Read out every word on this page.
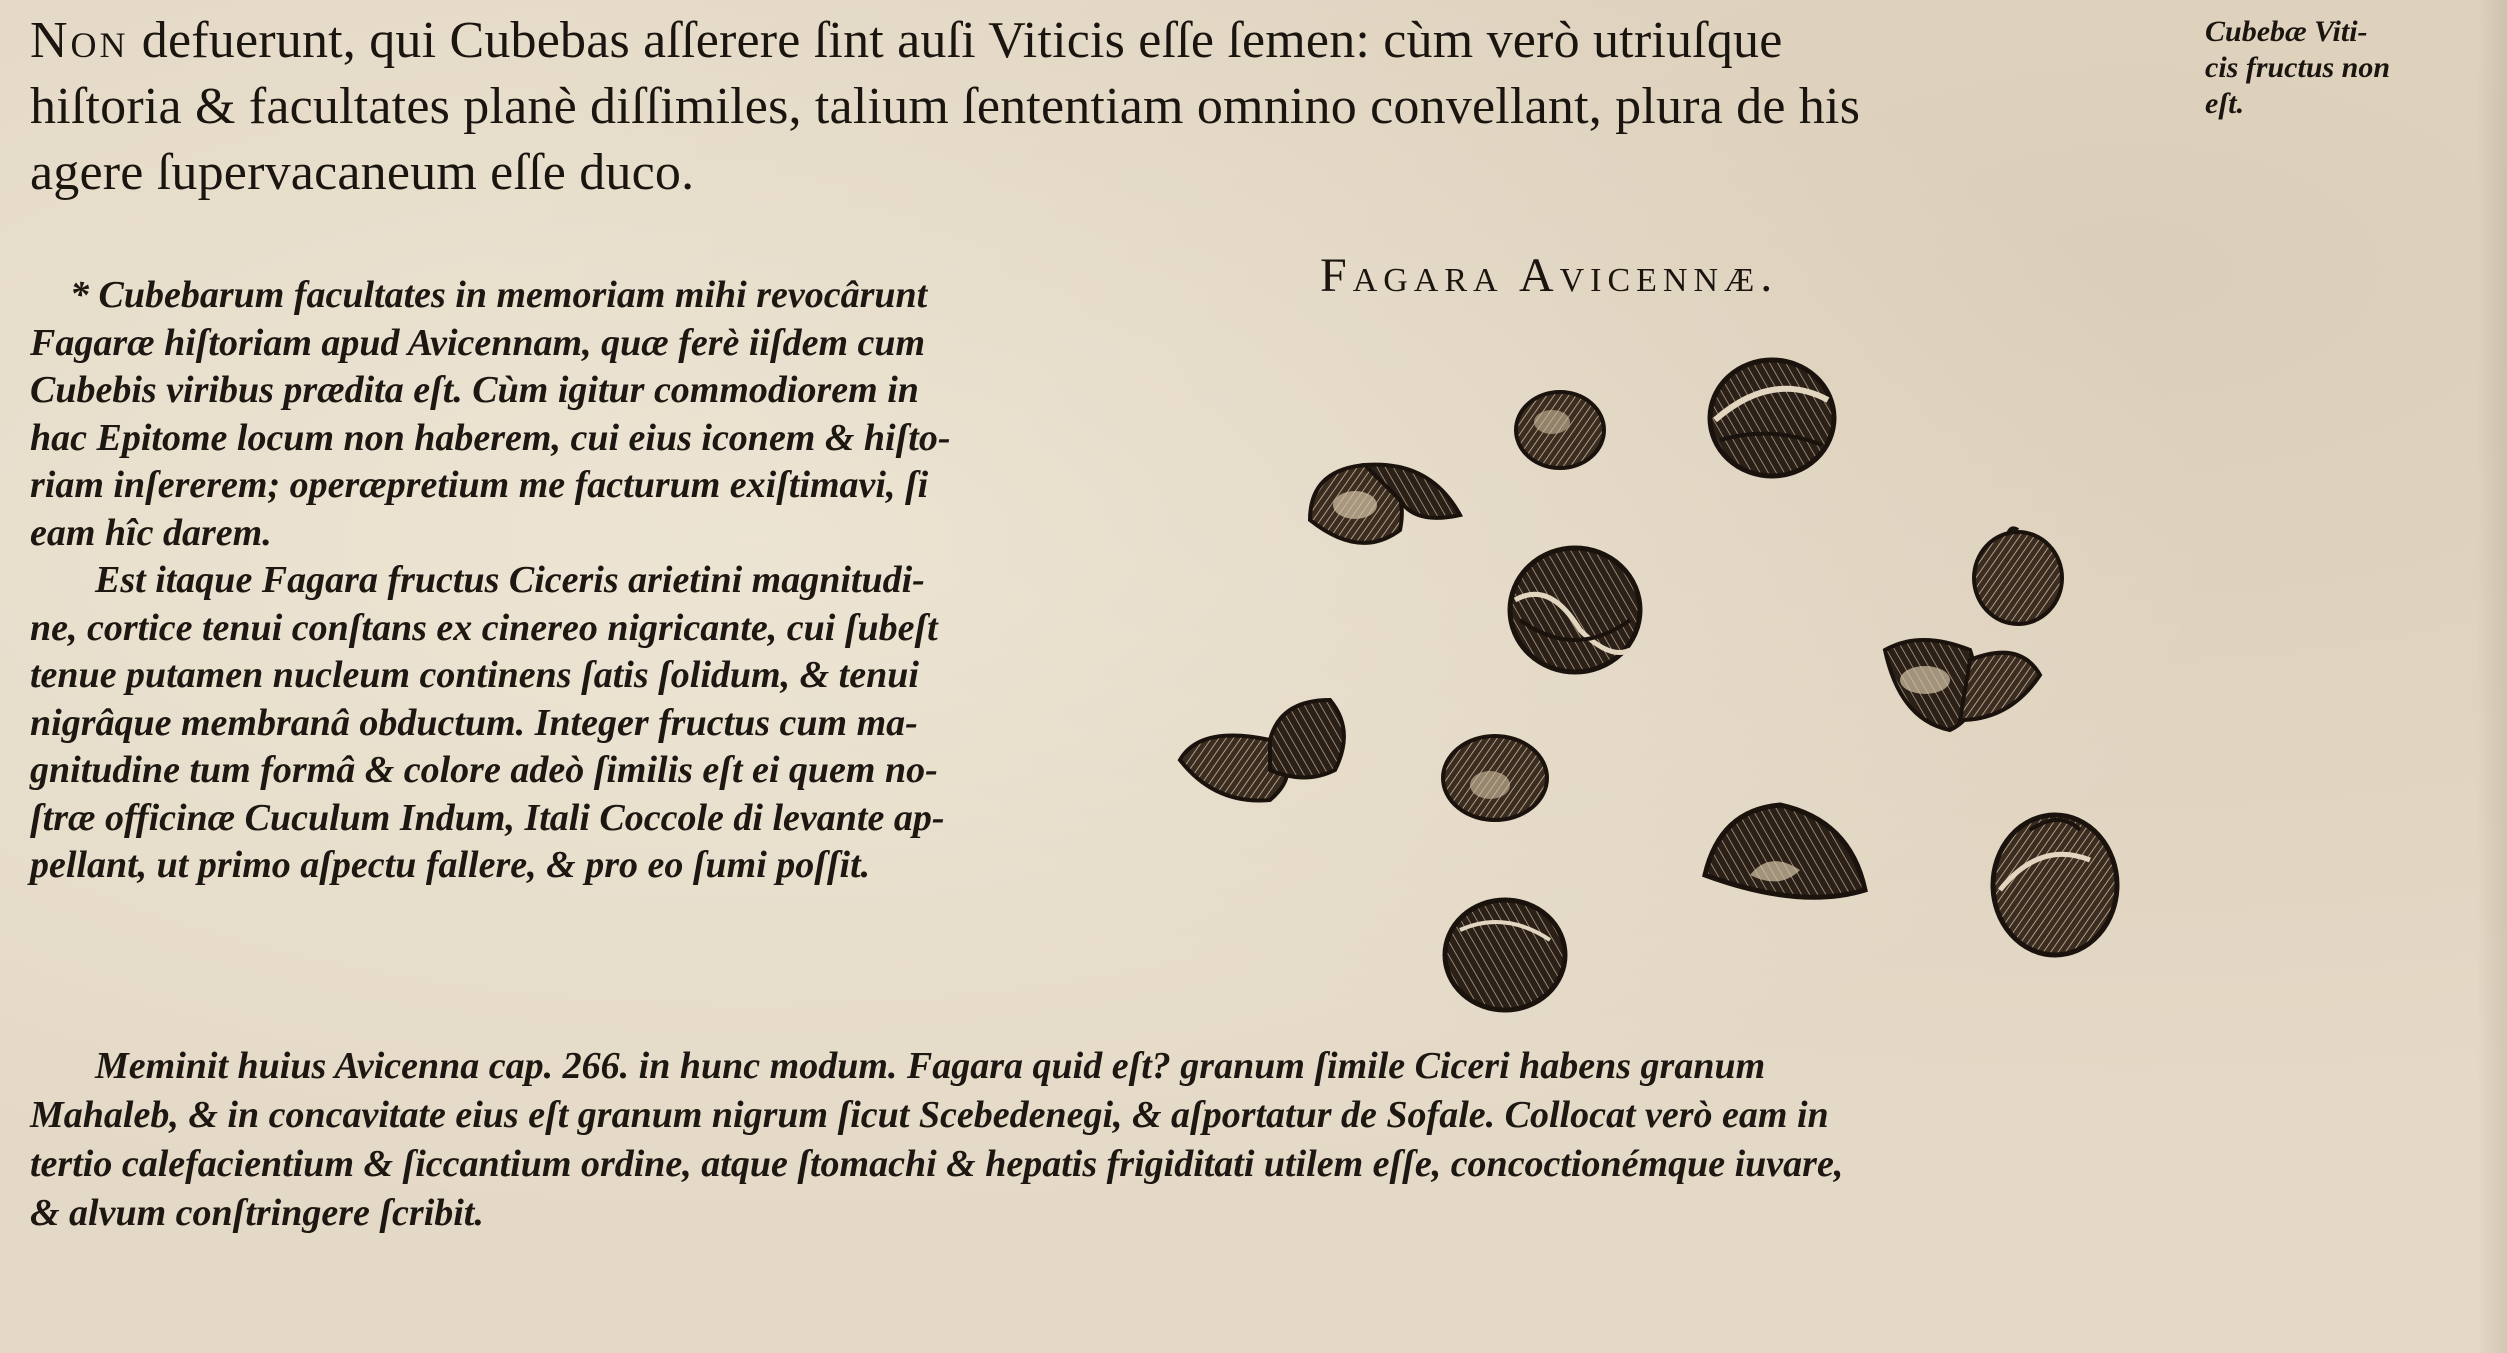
Non defuerunt, qui Cubebas aſſerere ſint auſi Viticis eſſe ſemen: cùm verò utriuſque
hiſtoria & facultates planè diſſimiles, talium ſententiam omnino convellant, plura de his
agere ſupervacaneum eſſe duco.
Cubebæ Viti-
cis fructus non
eſt.
Fagara Avicennæ.
* Cubebarum facultates in memoriam mihi revocârunt
Fagaræ hiſtoriam apud Avicennam, quæ ferè iiſdem cum
Cubebis viribus prædita eſt. Cùm igitur commodiorem in
hac Epitome locum non haberem, cui eius iconem & hiſto-
riam inſererem; operæpretium me facturum exiſtimavi, ſi
eam hîc darem.
Est itaque Fagara fructus Ciceris arietini magnitudi-
ne, cortice tenui conſtans ex cinereo nigricante, cui ſubeſt
tenue putamen nucleum continens ſatis ſolidum, & tenui
nigrâque membranâ obductum. Integer fructus cum ma-
gnitudine tum formâ & colore adeò ſimilis eſt ei quem no-
ſtræ officinæ Cuculum Indum, Itali Coccole di levante ap-
pellant, ut primo aſpectu fallere, & pro eo ſumi poſſit.
Meminit huius Avicenna cap. 266. in hunc modum. Fagara quid eſt? granum ſimile Ciceri habens granum
Mahaleb, & in concavitate eius eſt granum nigrum ſicut Scebedenegi, & aſportatur de Sofale. Collocat verò eam in
tertio calefacientium & ſiccantium ordine, atque ſtomachi & hepatis frigiditati utilem eſſe, concoctionémque iuvare,
& alvum conſtringere ſcribit.
